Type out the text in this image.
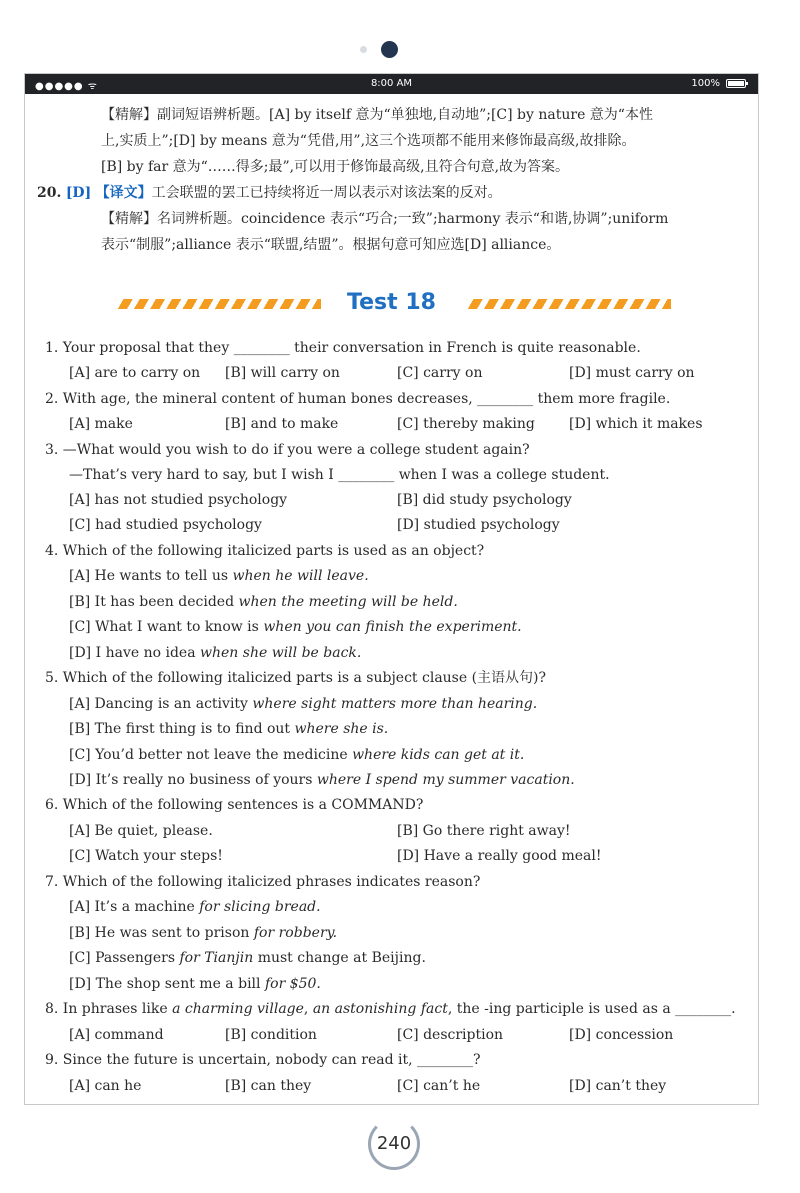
●●●●● ᯤ	8:00 AM	100%
【精解】副词短语辨析题。[A] by itself 意为“单独地,自动地”;[C] by nature 意为“本性
上,实质上”;[D] by means 意为“凭借,用”,这三个选项都不能用来修饰最高级,故排除。
[B] by far 意为“……得多;最”,可以用于修饰最高级,且符合句意,故为答案。
20. [D] 【译文】工会联盟的罢工已持续将近一周以表示对该法案的反对。
【精解】名词辨析题。coincidence 表示“巧合;一致”;harmony 表示“和谐,协调”;uniform
表示“制服”;alliance 表示“联盟,结盟”。根据句意可知应选[D] alliance。
Test 18
1. Your proposal that they ________ their conversation in French is quite reasonable.
[A] are to carry on [B] will carry on	[C] carry on	[D] must carry on
2. With age, the mineral content of human bones decreases, ________ them more fragile.
[A] make	[B] and to make	[C] thereby making [D] which it makes
3. —What would you wish to do if you were a college student again?
—That’s very hard to say, but I wish I ________ when I was a college student.
[A] has not studied psychology	[B] did study psychology
[C] had studied psychology	[D] studied psychology
4. Which of the following italicized parts is used as an object?
[A] He wants to tell us when he will leave.
[B] It has been decided when the meeting will be held.
[C] What I want to know is when you can finish the experiment.
[D] I have no idea when she will be back.
5. Which of the following italicized parts is a subject clause (主语从句)?
[A] Dancing is an activity where sight matters more than hearing.
[B] The first thing is to find out where she is.
[C] You’d better not leave the medicine where kids can get at it.
[D] It’s really no business of yours where I spend my summer vacation.
6. Which of the following sentences is a COMMAND?
[A] Be quiet, please.	[B] Go there right away!
[C] Watch your steps!	[D] Have a really good meal!
7. Which of the following italicized phrases indicates reason?
[A] It’s a machine for slicing bread.
[B] He was sent to prison for robbery.
[C] Passengers for Tianjin must change at Beijing.
[D] The shop sent me a bill for $50.
8. In phrases like a charming village, an astonishing fact, the -ing participle is used as a ________.
[A] command	[B] condition	[C] description	[D] concession
9. Since the future is uncertain, nobody can read it, ________?
[A] can he	[B] can they	[C] can’t he	[D] can’t they
240
